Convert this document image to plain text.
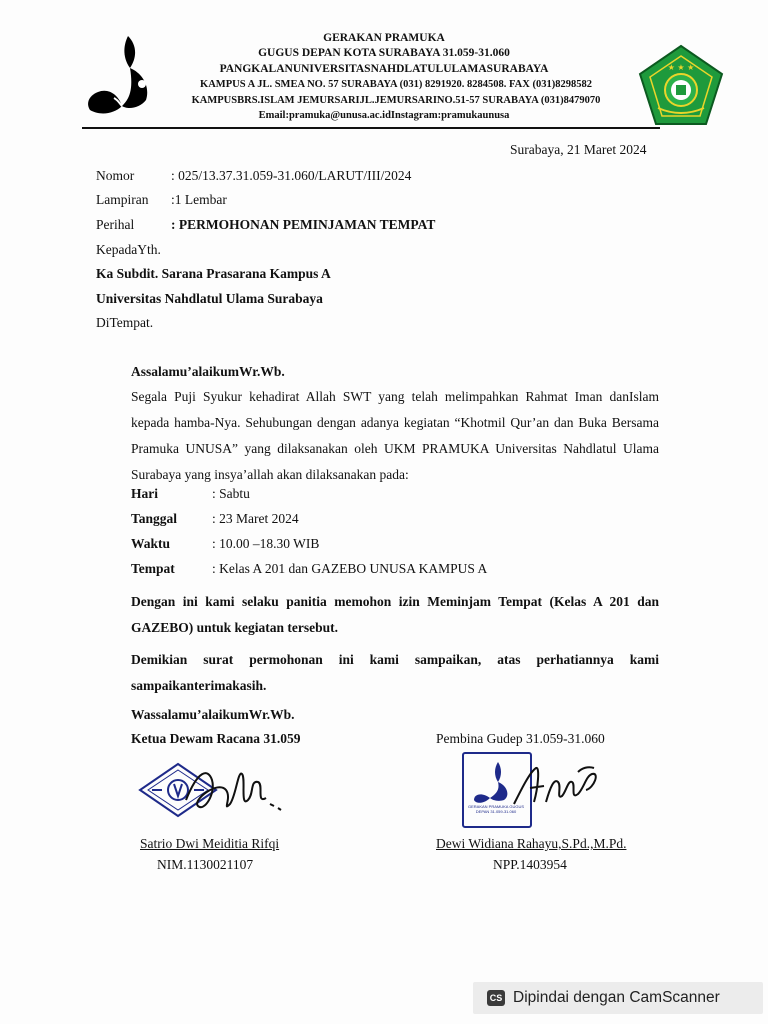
GERAKAN PRAMUKA
GUGUS DEPAN KOTA SURABAYA 31.059-31.060
PANGKALANUNIVERSITASNAHDLATULULAMASURABAYA
KAMPUS A JL. SMEA NO. 57 SURABAYA (031) 8291920. 8284508. FAX (031)8298582
KAMPUSBRS.ISLAM JEMURSARIJL.JEMURSARINO.51-57 SURABAYA (031)8479070
Email:pramuka@unusa.ac.idInstagram:pramukaunusa
★ ★ ★
Surabaya, 21 Maret 2024
Nomor	: 025/13.37.31.059-31.060/LARUT/III/2024
Lampiran :1 Lembar
Perihal	: PERMOHONAN PEMINJAMAN TEMPAT
KepadaYth.
Ka Subdit. Sarana Prasarana Kampus A
Universitas Nahdlatul Ulama Surabaya
DiTempat.
Assalamu’alaikumWr.Wb.
Segala Puji Syukur kehadirat Allah SWT yang telah melimpahkan Rahmat Iman danIslam kepada hamba-Nya. Sehubungan dengan adanya kegiatan “Khotmil Qur’an dan Buka Bersama Pramuka UNUSA” yang dilaksanakan oleh UKM PRAMUKA Universitas Nahdlatul Ulama Surabaya yang insya’allah akan dilaksanakan pada:
Hari	: Sabtu
Tanggal	: 23 Maret 2024
Waktu	: 10.00 –18.30 WIB
Tempat	: Kelas A 201 dan GAZEBO UNUSA KAMPUS A
Dengan ini kami selaku panitia memohon izin Meminjam Tempat (Kelas A 201 dan GAZEBO) untuk kegiatan tersebut.
Demikian surat permohonan ini kami sampaikan, atas perhatiannya kami sampaikanterimakasih.
Wassalamu’alaikumWr.Wb.
Ketua Dewam Racana 31.059
Satrio Dwi Meiditia Rifqi
NIM.1130021107
Pembina Gudep 31.059-31.060
GERAKAN PRAMUKA GUGUS DEPAN 31.059-31.060
Dewi Widiana Rahayu,S.Pd.,M.Pd.
NPP.1403954
CS Dipindai dengan CamScanner
